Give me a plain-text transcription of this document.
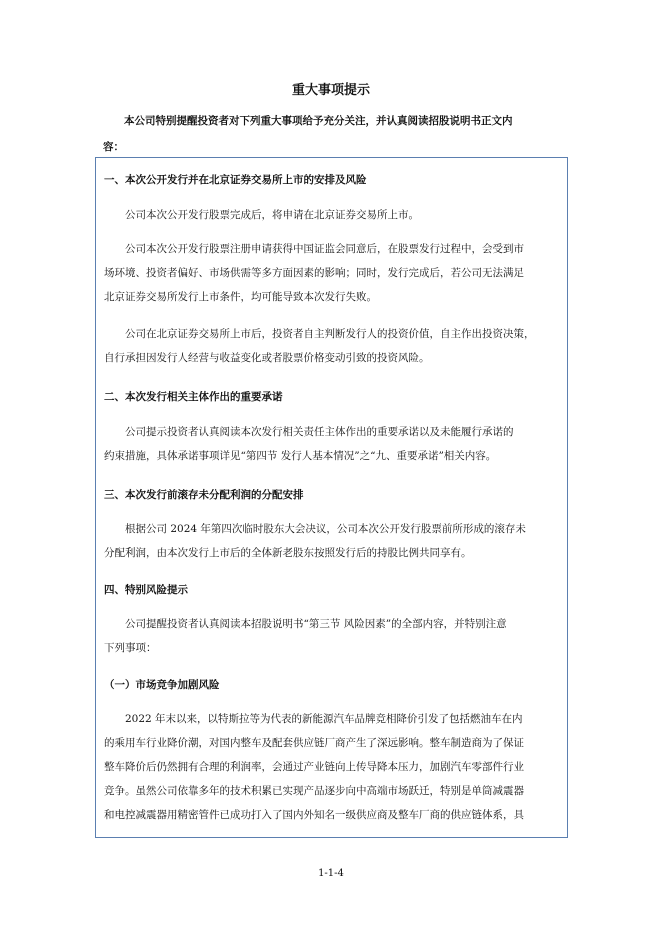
重大事项提示
本公司特别提醒投资者对下列重大事项给予充分关注，并认真阅读招股说明书正文内
容：
一、本次公开发行并在北京证券交易所上市的安排及风险
公司本次公开发行股票完成后，将申请在北京证券交易所上市。
公司本次公开发行股票注册申请获得中国证监会同意后，在股票发行过程中，会受到市
场环境、投资者偏好、市场供需等多方面因素的影响；同时，发行完成后，若公司无法满足
北京证券交易所发行上市条件，均可能导致本次发行失败。
公司在北京证券交易所上市后，投资者自主判断发行人的投资价值，自主作出投资决策，
自行承担因发行人经营与收益变化或者股票价格变动引致的投资风险。
二、本次发行相关主体作出的重要承诺
公司提示投资者认真阅读本次发行相关责任主体作出的重要承诺以及未能履行承诺的
约束措施，具体承诺事项详见“第四节 发行人基本情况”之“九、重要承诺”相关内容。
三、本次发行前滚存未分配利润的分配安排
根据公司 2024 年第四次临时股东大会决议，公司本次公开发行股票前所形成的滚存未
分配利润，由本次发行上市后的全体新老股东按照发行后的持股比例共同享有。
四、特别风险提示
公司提醒投资者认真阅读本招股说明书“第三节 风险因素”的全部内容，并特别注意
下列事项：
（一）市场竞争加剧风险
2022 年末以来，以特斯拉等为代表的新能源汽车品牌竞相降价引发了包括燃油车在内
的乘用车行业降价潮，对国内整车及配套供应链厂商产生了深远影响。整车制造商为了保证
整车降价后仍然拥有合理的利润率，会通过产业链向上传导降本压力，加剧汽车零部件行业
竞争。虽然公司依靠多年的技术积累已实现产品逐步向中高端市场跃迁，特别是单筒减震器
和电控减震器用精密管件已成功打入了国内外知名一级供应商及整车厂商的供应链体系，具
1-1-4
